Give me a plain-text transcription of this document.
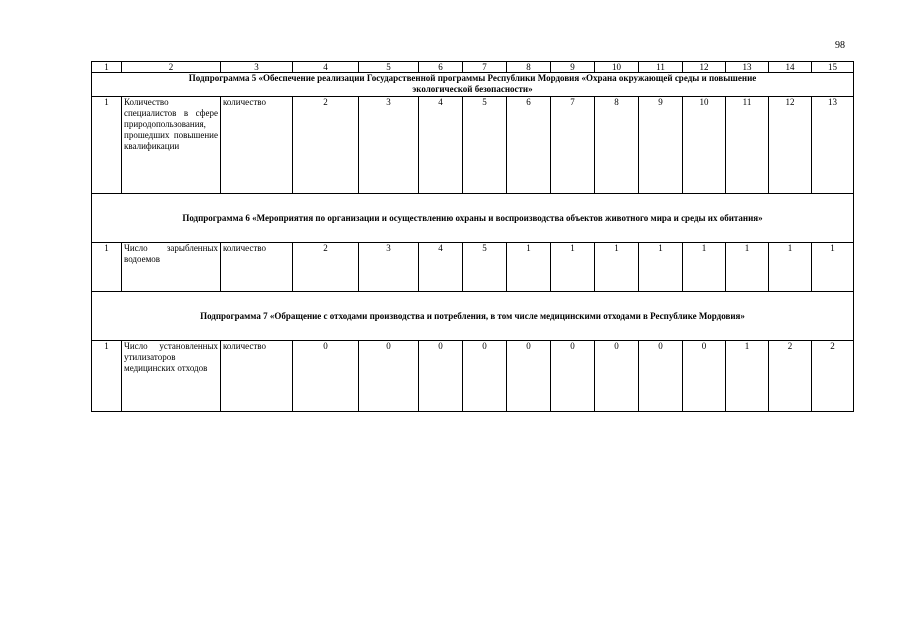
98
1	2	3	4	5	6	7	8	9	10	11	12	13	14	15
Подпрограмма 5 «Обеспечение реализации Государственной программы Республики Мордовия «Охрана окружающей среды и повышение
экологической безопасности»														
1	Количество специалистов в сфере природопользования, прошедших повышение квалификации	количество	2	3	4	5	6	7	8	9	10	11	12	13
Подпрограмма 6 «Мероприятия по организации и осуществлению охраны и воспроизводства объектов животного мира и среды их обитания»														
1	Число зарыбленных водоемов	количество	2	3	4	5	1	1	1	1	1	1	1	1
Подпрограмма 7 «Обращение с отходами производства и потребления, в том числе медицинскими отходами в Республике Мордовия»														
1	Число установленных утилизаторов медицинских отходов	количество	0	0	0	0	0	0	0	0	0	1	2	2
